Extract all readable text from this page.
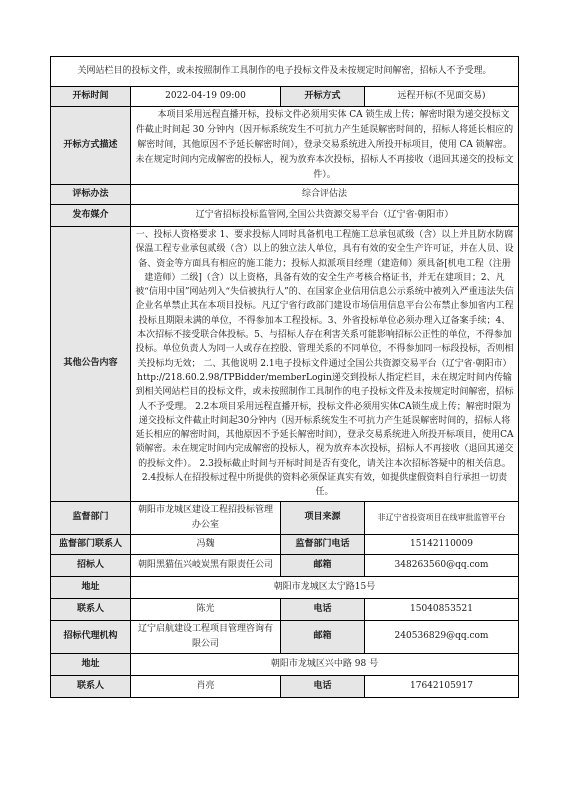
关网站栏目的投标文件，或未按照制作工具制作的电子投标文件及未按规定时间解密，招标人不予受理。			
开标时间	2022-04-19 09:00	开标方式	远程开标(不见面交易)
开标方式描述	本项目采用远程直播开标，投标文件必须用实体 CA 锁生成上传；解密时限为递交投标文件截止时间起 30 分钟内（因开标系统发生不可抗力产生延误解密时间的，招标人将延长相应的解密时间，其他原因不予延长解密时间），登录交易系统进入所投开标项目，使用 CA 锁解密。未在规定时间内完成解密的投标人，视为放弃本次投标，招标人不再接收（退回其递交的投标文件）。		
评标办法	综合评估法		
发布媒介	辽宁省招标投标监管网,全国公共资源交易平台（辽宁省·朝阳市）		
其他公告内容	一、投标人资格要求 1、要求投标人同时具备机电工程施工总承包贰级（含）以上并且防水防腐保温工程专业承包贰级（含）以上的独立法人单位，具有有效的安全生产许可证，并在人员、设备、资金等方面具有相应的施工能力；投标人拟派项目经理（建造师）须具备[机电工程（注册建造师）二级]（含）以上资格，具备有效的安全生产考核合格证书，并无在建项目；2、凡被“信用中国”网站列入“失信被执行人”的、在国家企业信用信息公示系统中被列入严重违法失信企业名单禁止其在本项目投标。凡辽宁省行政部门建设市场信用信息平台公布禁止参加省内工程投标且期限未满的单位，不得参加本工程投标。3、外省投标单位必须办理入辽备案手续；4、本次招标不接受联合体投标。5、与招标人存在利害关系可能影响招标公正性的单位，不得参加投标。单位负责人为同一人或存在控股、管理关系的不同单位，不得参加同一标段投标，否则相关投标均无效； 二、其他说明 2.1电子投标文件通过全国公共资源交易平台（辽宁省·朝阳市）http://218.60.2.98/TPBidder/memberLogin递交到投标人指定栏目，未在规定时间内传输到相关网站栏目的投标文件，或未按照制作工具制作的电子投标文件及未按规定时间解密，招标人不予受理。 2.2本项目采用远程直播开标，投标文件必须用实体CA锁生成上传；解密时限为递交投标文件截止时间起30分钟内（因开标系统发生不可抗力产生延误解密时间的，招标人将延长相应的解密时间，其他原因不予延长解密时间），登录交易系统进入所投开标项目，使用CA锁解密。未在规定时间内完成解密的投标人，视为放弃本次投标，招标人不再接收（退回其递交的投标文件）。 2.3投标截止时间与开标时间是否有变化，请关注本次招标答疑中的相关信息。 2.4投标人在招投标过程中所提供的资料必须保证真实有效，如提供虚假资料自行承担一切责任。		
监督部门	朝阳市龙城区建设工程招投标管理办公室	项目来源	非辽宁省投资项目在线审批监管平台
监督部门联系人	冯魏	监督部门电话	15142110009
招标人	朝阳黑猫伍兴岐炭黑有限责任公司	邮箱	348263560@qq.com
地址	朝阳市龙城区太宁路15号		
联系人	陈光	电话	15040853521
招标代理机构	辽宁启航建设工程项目管理咨询有限公司	邮箱	240536829@qq.com
地址	朝阳市龙城区兴中路 98 号		
联系人	肖亮	电话	17642105917
